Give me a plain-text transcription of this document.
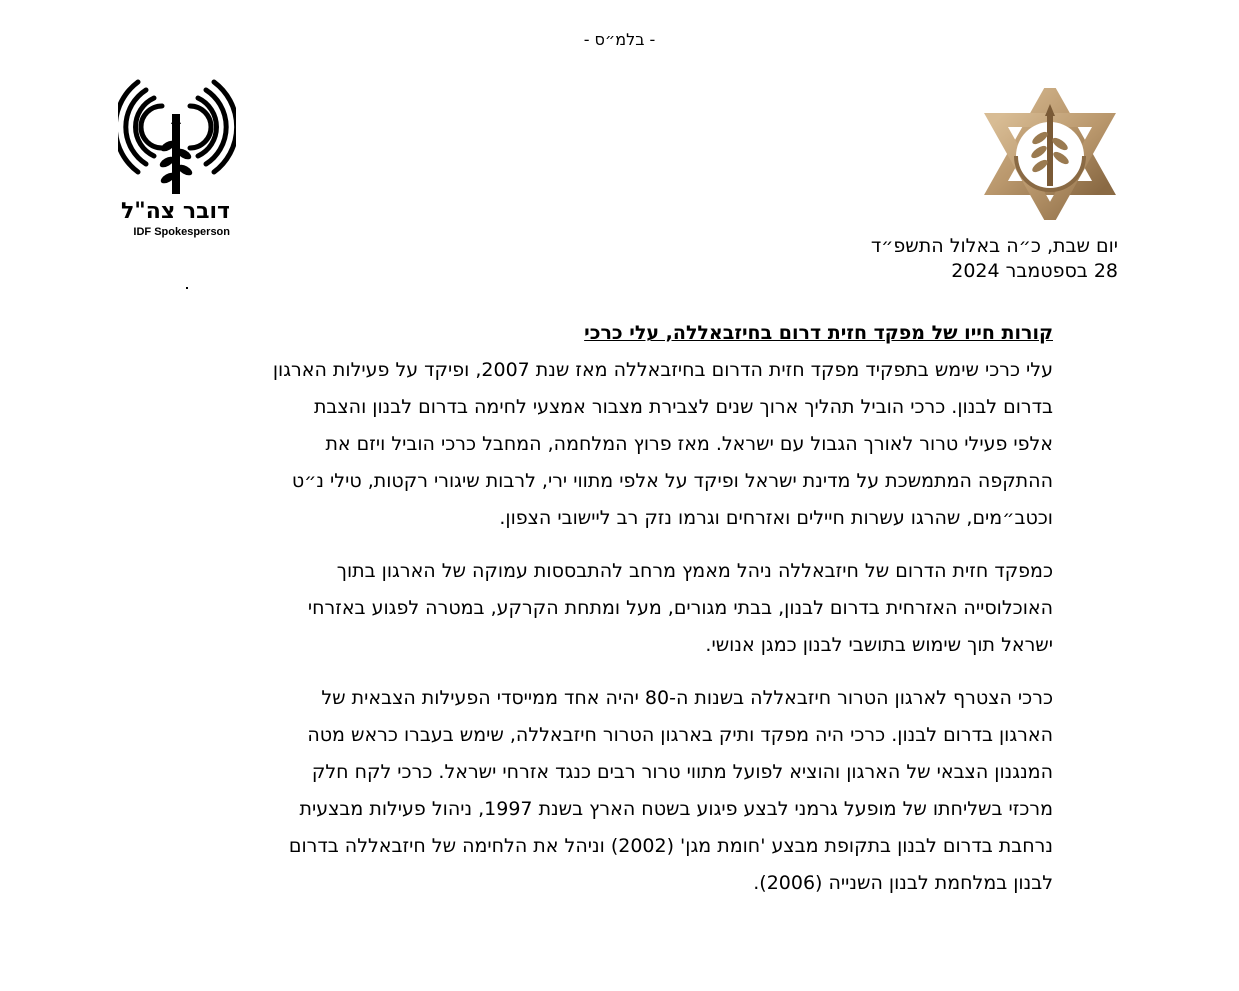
- בלמ״ס -
דובר צה"ל
IDF Spokesperson
יום שבת, כ״ה באלול התשפ״ד
28 בספטמבר 2024
קורות חייו של מפקד חזית דרום בחיזבאללה, עלי כרכי
עלי כרכי שימש בתפקיד מפקד חזית הדרום בחיזבאללה מאז שנת 2007, ופיקד על פעילות הארגון
בדרום לבנון. כרכי הוביל תהליך ארוך שנים לצבירת מצבור אמצעי לחימה בדרום לבנון והצבת
אלפי פעילי טרור לאורך הגבול עם ישראל. מאז פרוץ המלחמה, המחבל כרכי הוביל ויזם את
ההתקפה המתמשכת על מדינת ישראל ופיקד על אלפי מתווי ירי, לרבות שיגורי רקטות, טילי נ״ט
וכטב״מים, שהרגו עשרות חיילים ואזרחים וגרמו נזק רב ליישובי הצפון.
כמפקד חזית הדרום של חיזבאללה ניהל מאמץ מרחב להתבססות עמוקה של הארגון בתוך
האוכלוסייה האזרחית בדרום לבנון, בבתי מגורים, מעל ומתחת הקרקע, במטרה לפגוע באזרחי
ישראל תוך שימוש בתושבי לבנון כמגן אנושי.
כרכי הצטרף לארגון הטרור חיזבאללה בשנות ה-80 יהיה אחד ממייסדי הפעילות הצבאית של
הארגון בדרום לבנון. כרכי היה מפקד ותיק בארגון הטרור חיזבאללה, שימש בעברו כראש מטה
המנגנון הצבאי של הארגון והוציא לפועל מתווי טרור רבים כנגד אזרחי ישראל. כרכי לקח חלק
מרכזי בשליחתו של מופעל גרמני לבצע פיגוע בשטח הארץ בשנת 1997, ניהול פעילות מבצעית
נרחבת בדרום לבנון בתקופת מבצע 'חומת מגן' (2002) וניהל את הלחימה של חיזבאללה בדרום
לבנון במלחמת לבנון השנייה (2006).
